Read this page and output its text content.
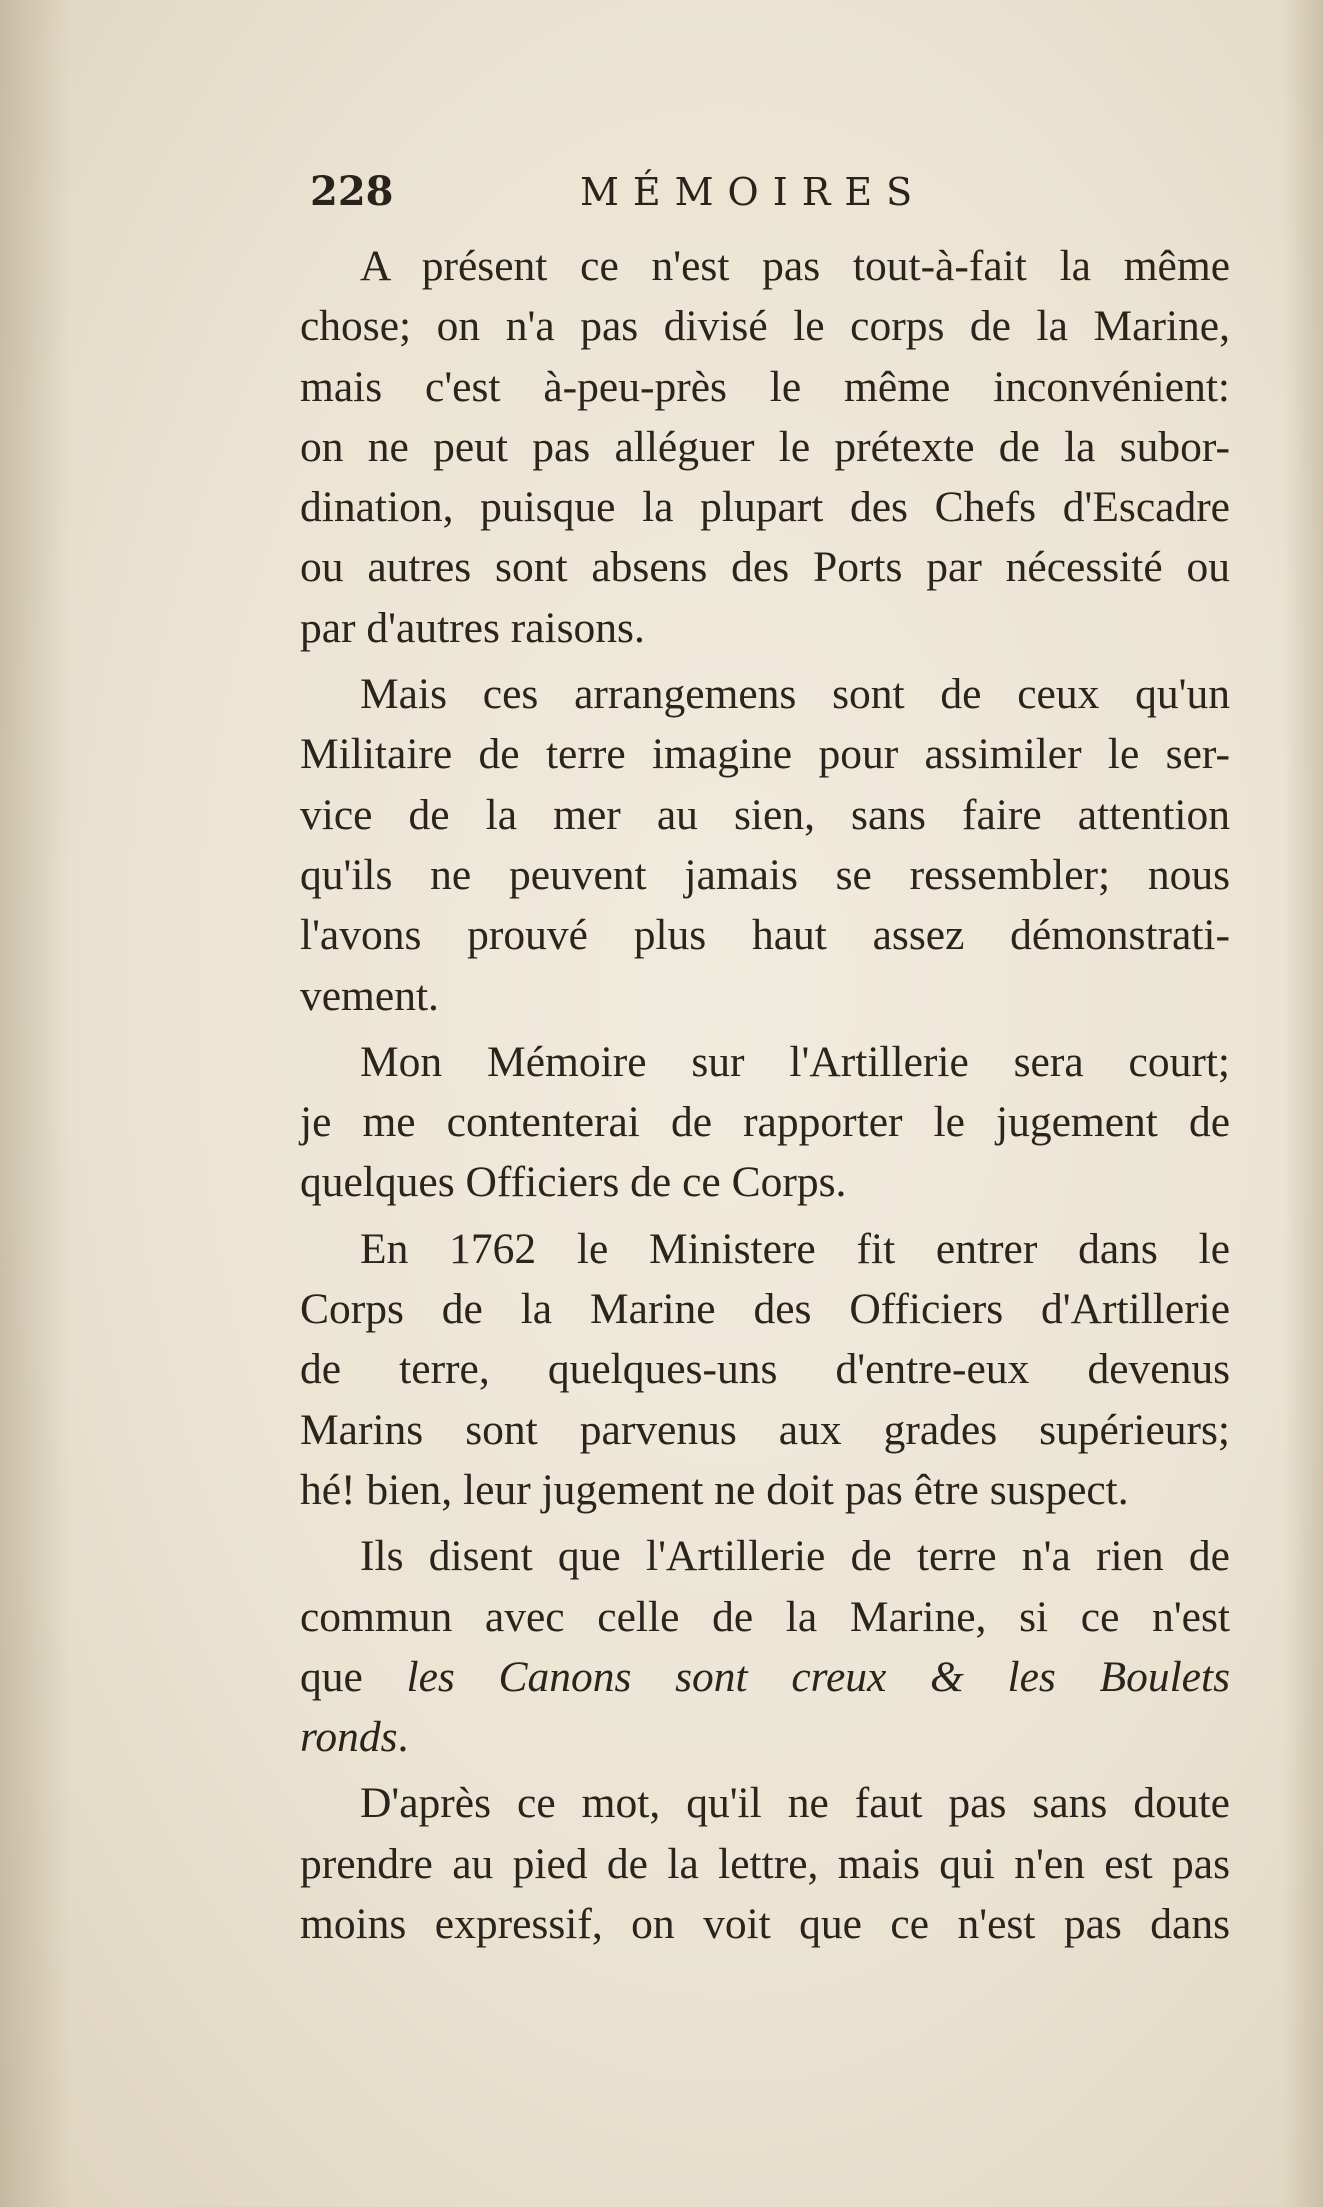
228	MÉMOIRES
A présent ce n'est pas tout-à-fait la même
chose; on n'a pas divisé le corps de la Marine,
mais c'est à-peu-près le même inconvénient:
on ne peut pas alléguer le prétexte de la subor-
dination, puisque la plupart des Chefs d'Escadre
ou autres sont absens des Ports par nécessité ou
par d'autres raisons.
Mais ces arrangemens sont de ceux qu'un
Militaire de terre imagine pour assimiler le ser-
vice de la mer au sien, sans faire attention
qu'ils ne peuvent jamais se ressembler; nous
l'avons prouvé plus haut assez démonstrati-
vement.
Mon Mémoire sur l'Artillerie sera court;
je me contenterai de rapporter le jugement de
quelques Officiers de ce Corps.
En 1762 le Ministere fit entrer dans le
Corps de la Marine des Officiers d'Artillerie
de terre, quelques-uns d'entre-eux devenus
Marins sont parvenus aux grades supérieurs;
hé! bien, leur jugement ne doit pas être suspect.
Ils disent que l'Artillerie de terre n'a rien de
commun avec celle de la Marine, si ce n'est
que les Canons sont creux & les Boulets
ronds.
D'après ce mot, qu'il ne faut pas sans doute
prendre au pied de la lettre, mais qui n'en est pas
moins expressif, on voit que ce n'est pas dans
